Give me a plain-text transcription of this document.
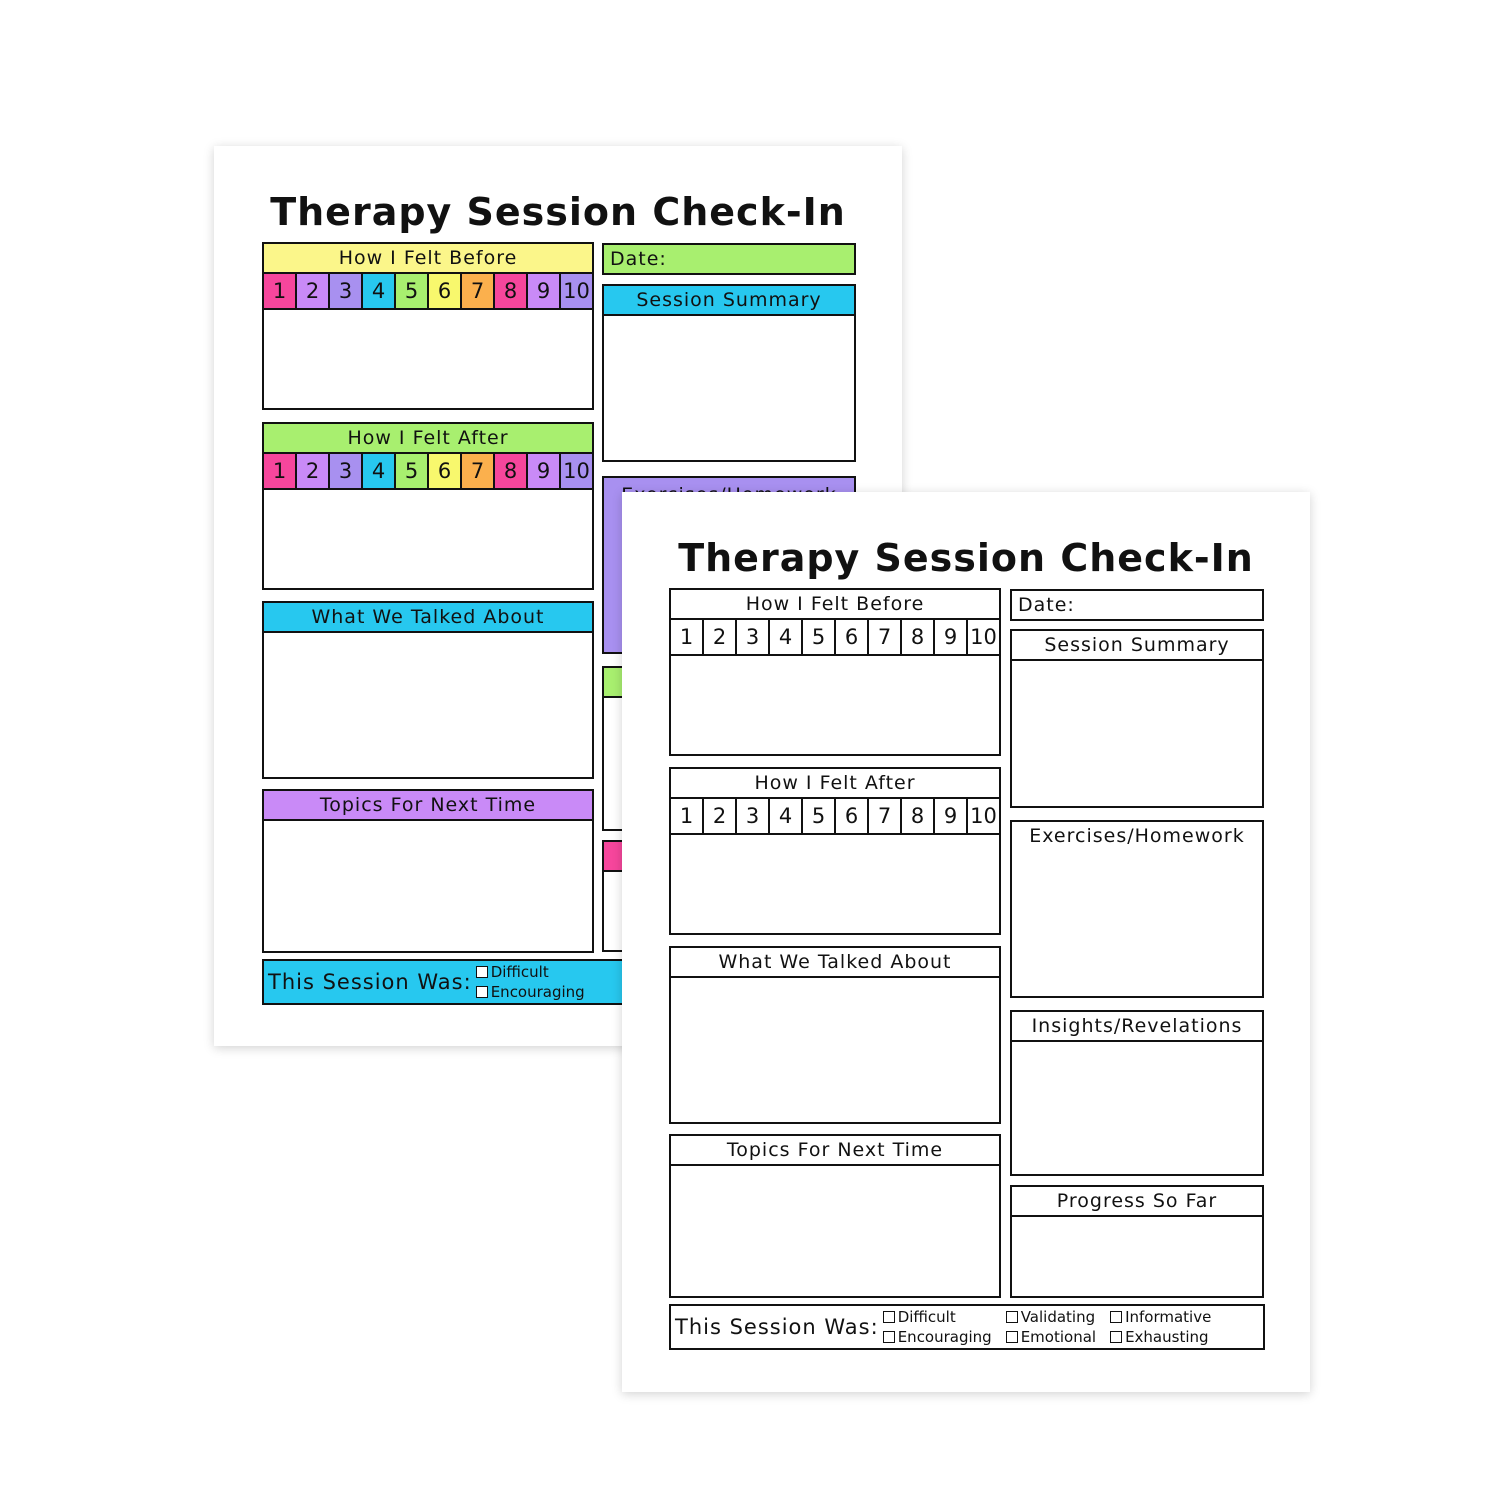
Therapy Session Check-In
How I Felt Before
1 2 3 4 5 6 7 8 9 10
How I Felt After
1 2 3 4 5 6 7 8 9 10
What We Talked About
Topics For Next Time
Date:
Session Summary
This Session Was: Difficult
Encouraging
Therapy Session Check-In
How I Felt Before
1 2 3 4 5 6 7 8 9 10
How I Felt After
1 2 3 4 5 6 7 8 9 10
What We Talked About
Topics For Next Time
Date:
Session Summary
Exercises/Homework
Insights/Revelations
Progress So Far
This Session Was: Difficult
Encouraging
Validating
Emotional
Informative
Exhausting
